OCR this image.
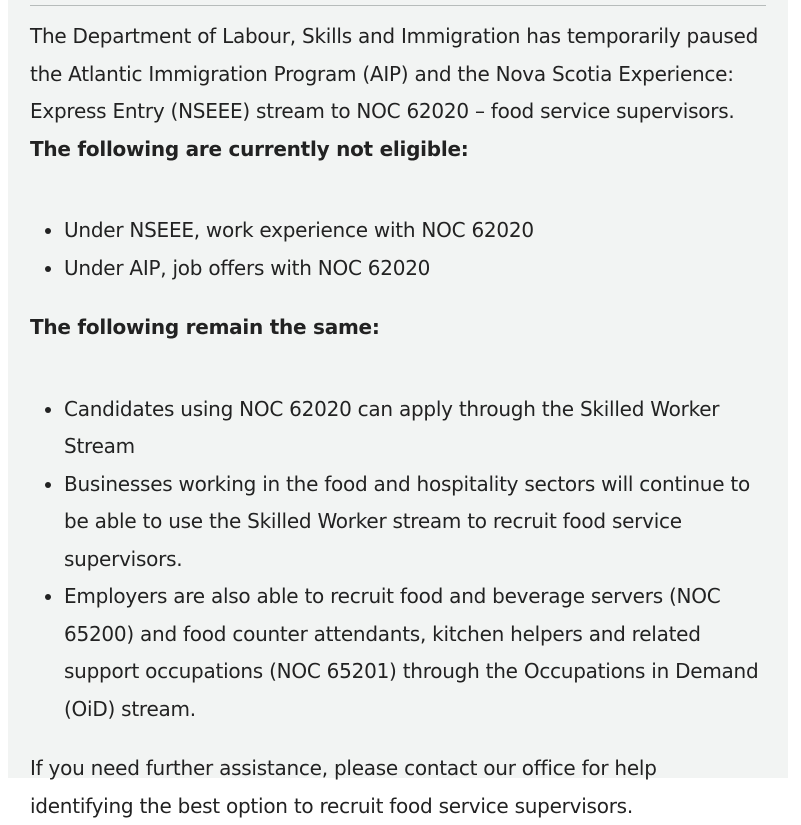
The Department of Labour, Skills and Immigration has temporarily paused the Atlantic Immigration Program (AIP) and the Nova Scotia Experience: Express Entry (NSEEE) stream to NOC 62020 – food service supervisors. The following are currently not eligible:

• Under NSEEE, work experience with NOC 62020
• Under AIP, job offers with NOC 62020

The following remain the same:

• Candidates using NOC 62020 can apply through the Skilled Worker Stream
• Businesses working in the food and hospitality sectors will continue to be able to use the Skilled Worker stream to recruit food service supervisors.
• Employers are also able to recruit food and beverage servers (NOC 65200) and food counter attendants, kitchen helpers and related support occupations (NOC 65201) through the Occupations in Demand (OiD) stream.

If you need further assistance, please contact our office for help identifying the best option to recruit food service supervisors.
